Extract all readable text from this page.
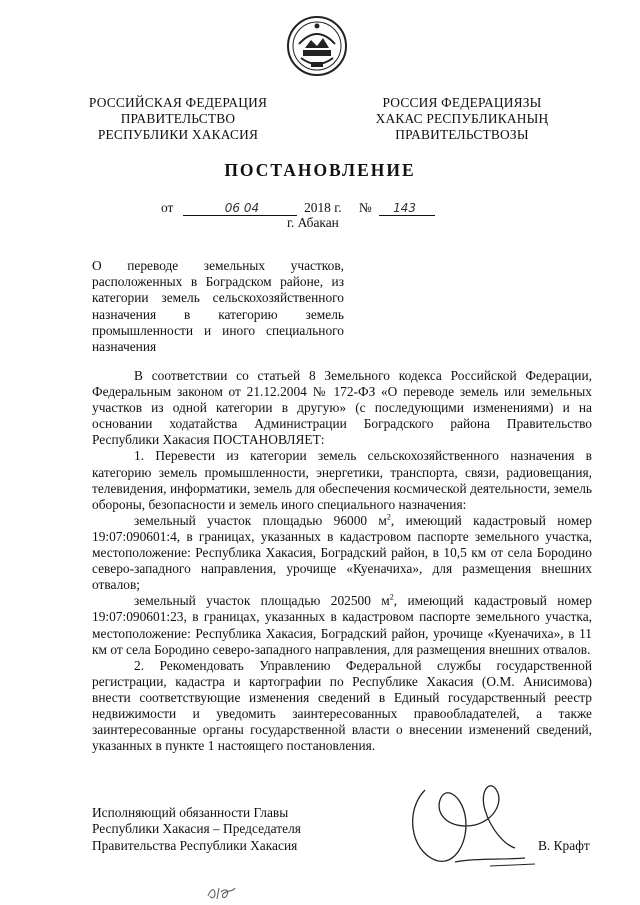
РОССИЙСКАЯ ФЕДЕРАЦИЯ
ПРАВИТЕЛЬСТВО
РЕСПУБЛИКИ ХАКАСИЯ
РОССИЯ ФЕДЕРАЦИЯЗЫ
ХАКАС РЕСПУБЛИКАНЫҢ
ПРАВИТЕЛЬСТВОЗЫ
ПОСТАНОВЛЕНИЕ
от	06 04	2018 г. № 143
г. Абакан
О переводе земельных участков,
расположенных в Боградском районе, из
категории земель сельскохозяйственного
назначения в категорию земель
промышленности и иного специального
назначения

В соответствии со статьей 8 Земельного кодекса Российской Федерации, Федеральным законом от 21.12.2004 № 172-ФЗ «О переводе земель или земельных участков из одной категории в другую» (с последующими изменениями) и на основании ходатайства Администрации Боградского района Правительство Республики Хакасия ПОСТАНОВЛЯЕТ:

1. Перевести из категории земель сельскохозяйственного назначения в категорию земель промышленности, энергетики, транспорта, связи, радиовещания, телевидения, информатики, земель для обеспечения космической деятельности, земель обороны, безопасности и земель иного специального назначения:

земельный участок площадью 96000 $м^2$, имеющий кадастровый номер 19:07:090601:4, в границах, указанных в кадастровом паспорте земельного участка, местоположение: Республика Хакасия, Боградский район, в 10,5 км от села Бородино северо-западного направления, урочище «Куеначиха», для размещения внешних отвалов;

земельный участок площадью 202500 $м^2$, имеющий кадастровый номер 19:07:090601:23, в границах, указанных в кадастровом паспорте земельного участка, местоположение: Республика Хакасия, Боградский район, урочище «Куеначиха», в 11 км от села Бородино северо-западного направления, для размещения внешних отвалов.

2. Рекомендовать Управлению Федеральной службы государственной регистрации, кадастра и картографии по Республике Хакасия (О.М. Анисимова) внести соответствующие изменения сведений в Единый государственный реестр недвижимости и уведомить заинтересованных правообладателей, а также заинтересованные органы государственной власти о внесении изменений сведений, указанных в пункте 1 настоящего постановления.

Исполняющий обязанности Главы
Республики Хакасия – Председателя
Правительства Республики Хакасия	В. Крафт
